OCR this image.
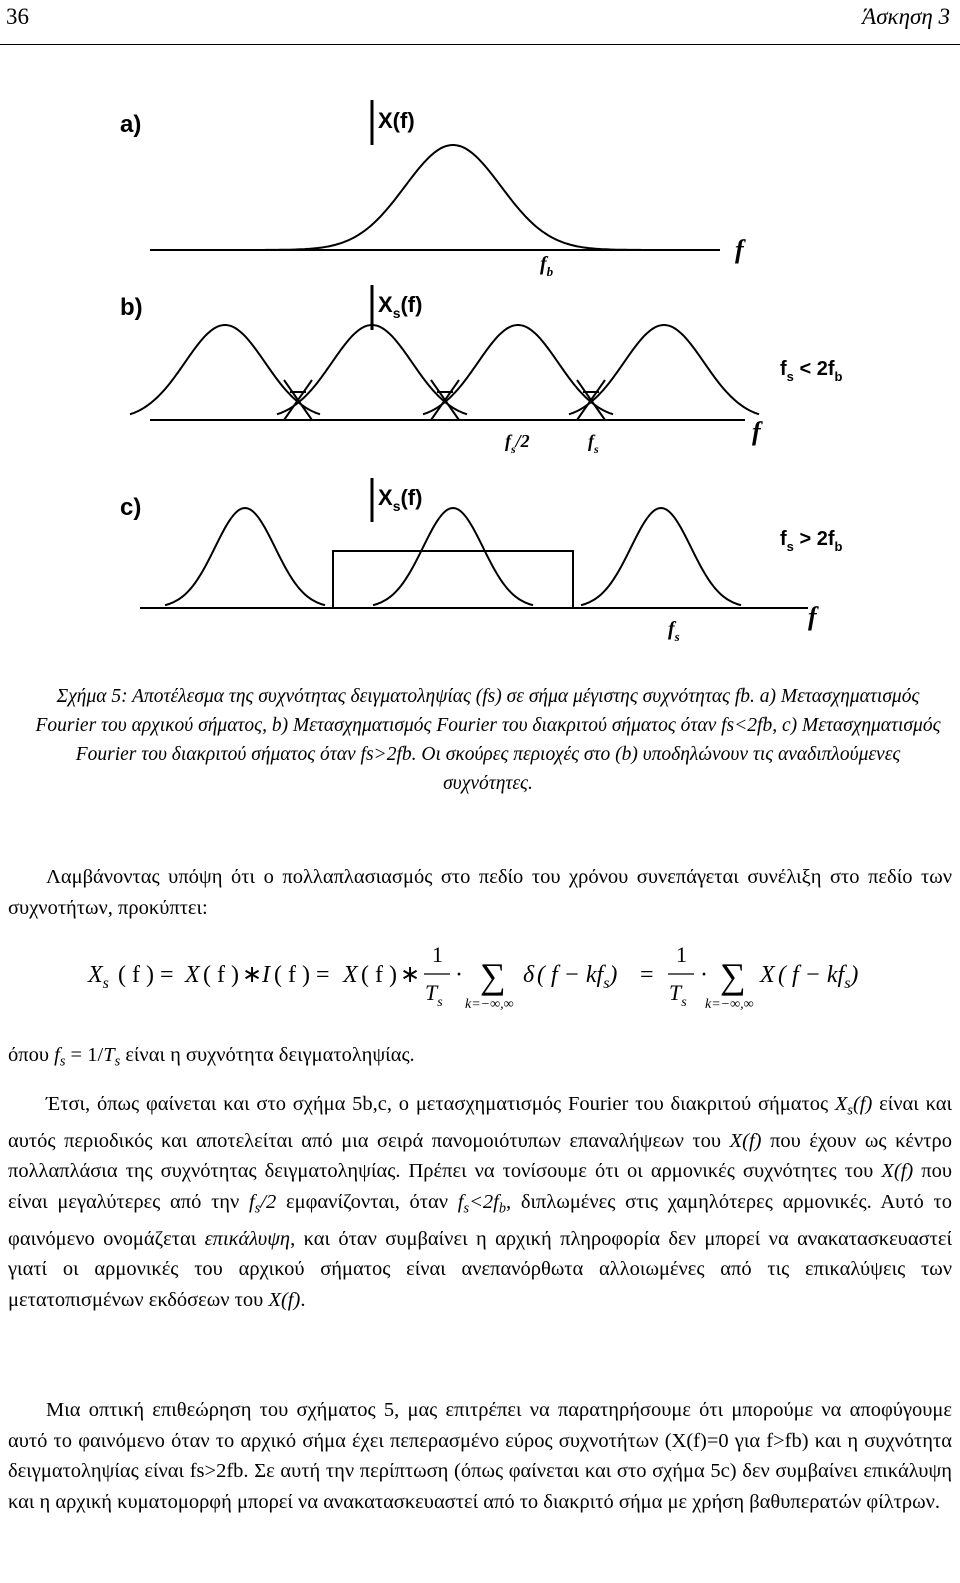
36	Άσκηση 3
a)	X(f)
$f_b$
f
b)	$X_s(f)$
$f_s/2$	$f_s$
f
$f_s < 2f_b$
c)	$X_s(f)$
$f_s$
f
$f_s > 2f_b$
Σχήμα 5: Αποτέλεσμα της συχνότητας δειγματοληψίας (fs) σε σήμα μέγιστης συχνότητας fb. a) Μετασχηματισμός Fourier του αρχικού σήματος, b) Μετασχηματισμός Fourier του διακριτού σήματος όταν fs<2fb, c) Μετασχηματισμός Fourier του διακριτού σήματος όταν fs>2fb. Οι σκούρες περιοχές στο (b) υποδηλώνουν τις αναδιπλούμενες συχνότητες.
Λαμβάνοντας υπόψη ότι ο πολλαπλασιασμός στο πεδίο του χρόνου συνεπάγεται συνέλιξη στο πεδίο των συχνοτήτων, προκύπτει:
$X_s$ ( f ) = X ( f ) ∗ I ( f ) = X ( f ) ∗
1
$T_s$
· ∑
k=−∞,∞
δ ( $f - kf_s$) =
1
$T_s$
· ∑
k=−∞,∞
X ( $f - kf_s$)
όπου $f_s = 1/T_s$ είναι η συχνότητα δειγματοληψίας.
Έτσι, όπως φαίνεται και στο σχήμα 5b,c, ο μετασχηματισμός Fourier του διακριτού σήματος $X_s(f)$ είναι και αυτός περιοδικός και αποτελείται από μια σειρά πανομοιότυπων επαναλήψεων του X(f) που έχουν ως κέντρο πολλαπλάσια της συχνότητας δειγματοληψίας. Πρέπει να τονίσουμε ότι οι αρμονικές συχνότητες του X(f) που είναι μεγαλύτερες από την $f_s/2$ εμφανίζονται, όταν $f_s<2f_b$, διπλωμένες στις χαμηλότερες αρμονικές. Αυτό το φαινόμενο ονομάζεται επικάλυψη, και όταν συμβαίνει η αρχική πληροφορία δεν μπορεί να ανακατασκευαστεί γιατί οι αρμονικές του αρχικού σήματος είναι ανεπανόρθωτα αλλοιωμένες από τις επικαλύψεις των μετατοπισμένων εκδόσεων του X(f).
Μια οπτική επιθεώρηση του σχήματος 5, μας επιτρέπει να παρατηρήσουμε ότι μπορούμε να αποφύγουμε αυτό το φαινόμενο όταν το αρχικό σήμα έχει πεπερασμένο εύρος συχνοτήτων (X(f)=0 για f>fb) και η συχνότητα δειγματοληψίας είναι fs>2fb. Σε αυτή την περίπτωση (όπως φαίνεται και στο σχήμα 5c) δεν συμβαίνει επικάλυψη και η αρχική κυματομορφή μπορεί να ανακατασκευαστεί από το διακριτό σήμα με χρήση βαθυπερατών φίλτρων.
